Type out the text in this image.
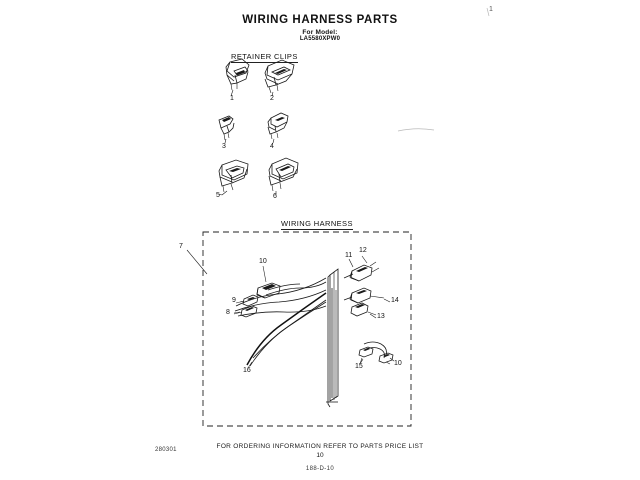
1
WIRING HARNESS PARTS
For Model:
LA5580XPW0
RETAINER CLIPS
WIRING HARNESS
1	2
3	4
5	6
7
10
11
12
9
8
14
13
16
15	10
280301	FOR ORDERING INFORMATION REFER TO PARTS PRICE LIST
10
188-D-10
